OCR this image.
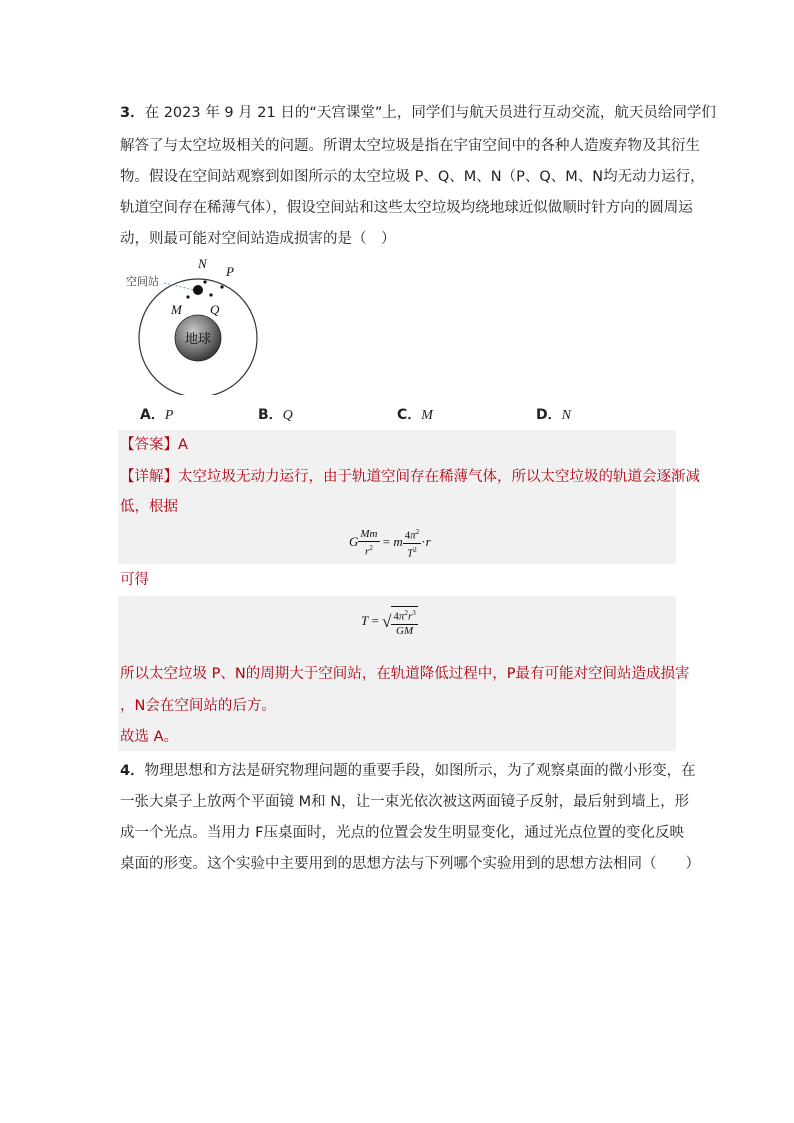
3．在 2023 年 9 月 21 日的“天宫课堂”上，同学们与航天员进行互动交流，航天员给同学们
解答了与太空垃圾相关的问题。所谓太空垃圾是指在宇宙空间中的各种人造废弃物及其衍生
物。假设在空间站观察到如图所示的太空垃圾 P、Q、M、N（P、Q、M、N均无动力运行，
轨道空间存在稀薄气体），假设空间站和这些太空垃圾均绕地球近似做顺时针方向的圆周运
动，则最可能对空间站造成损害的是（　）
地球
空间站
N
P
M Q
A．P	B．Q	C．M	D．N
【答案】A
【详解】太空垃圾无动力运行，由于轨道空间存在稀薄气体，所以太空垃圾的轨道会逐渐减
低，根据
G $\frac{Mm}{r^2} = m \frac{4\pi^2}{T^2} \cdot r$
可得
T = √ $\frac{4\pi^2r^3}{GM}$
所以太空垃圾 P、N的周期大于空间站，在轨道降低过程中，P最有可能对空间站造成损害
，N会在空间站的后方。
故选 A。
4．物理思想和方法是研究物理问题的重要手段，如图所示，为了观察桌面的微小形变，在
一张大桌子上放两个平面镜 M和 N，让一束光依次被这两面镜子反射，最后射到墙上，形
成一个光点。当用力 F压桌面时，光点的位置会发生明显变化，通过光点位置的变化反映
桌面的形变。这个实验中主要用到的思想方法与下列哪个实验用到的思想方法相同（　　）
